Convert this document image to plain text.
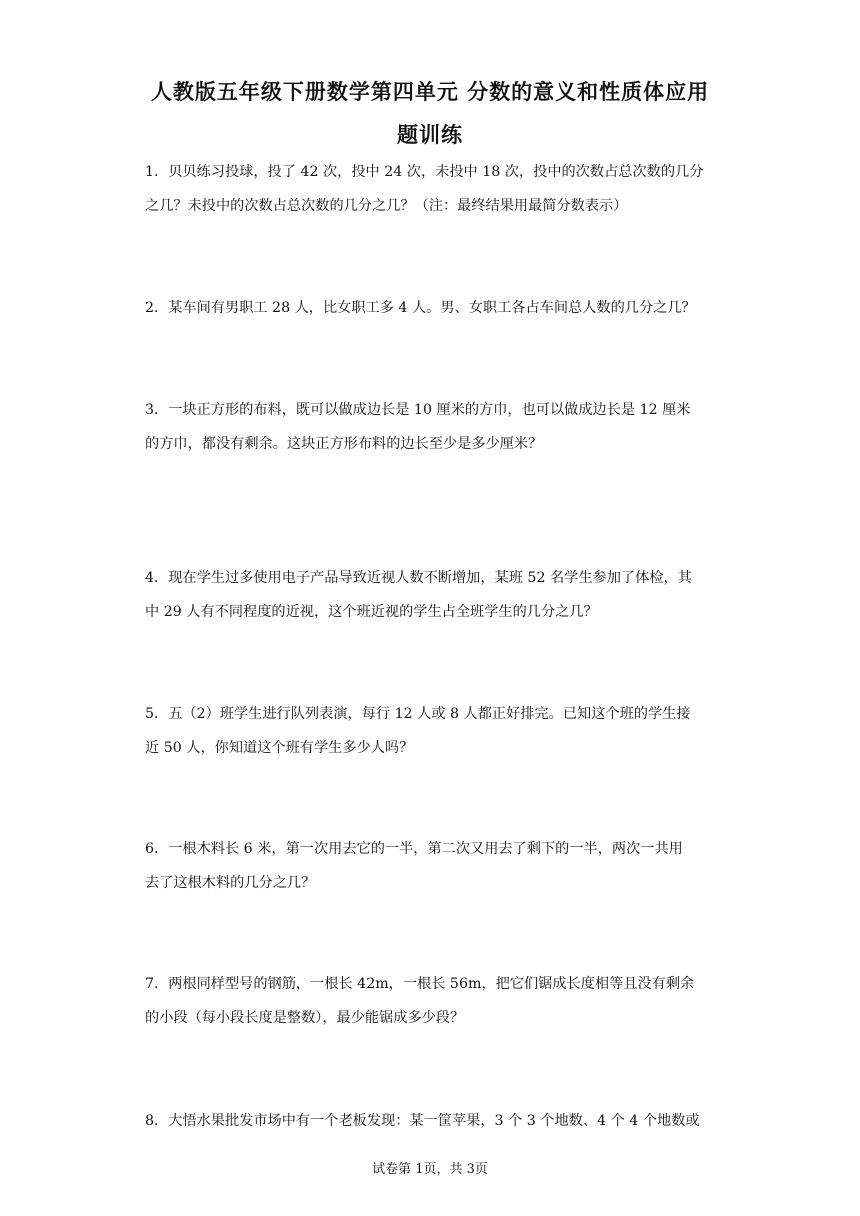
人教版五年级下册数学第四单元 分数的意义和性质体应用
题训练

1．贝贝练习投球，投了 42 次，投中 24 次，未投中 18 次，投中的次数占总次数的几分

之几？未投中的次数占总次数的几分之几？（注：最终结果用最简分数表示）

2．某车间有男职工 28 人，比女职工多 4 人。男、女职工各占车间总人数的几分之几？

3．一块正方形的布料，既可以做成边长是 10 厘米的方巾，也可以做成边长是 12 厘米

的方巾，都没有剩余。这块正方形布料的边长至少是多少厘米？

4．现在学生过多使用电子产品导致近视人数不断增加，某班 52 名学生参加了体检，其

中 29 人有不同程度的近视，这个班近视的学生占全班学生的几分之几？

5．五（2）班学生进行队列表演，每行 12 人或 8 人都正好排完。已知这个班的学生接

近 50 人，你知道这个班有学生多少人吗？

6．一根木料长 6 米，第一次用去它的一半，第二次又用去了剩下的一半，两次一共用

去了这根木料的几分之几？

7．两根同样型号的钢筋，一根长 42m，一根长 56m，把它们锯成长度相等且没有剩余

的小段（每小段长度是整数），最少能锯成多少段？

8．大悟水果批发市场中有一个老板发现：某一筐苹果，3 个 3 个地数、4 个 4 个地数或

试卷第 1页，共 3页
